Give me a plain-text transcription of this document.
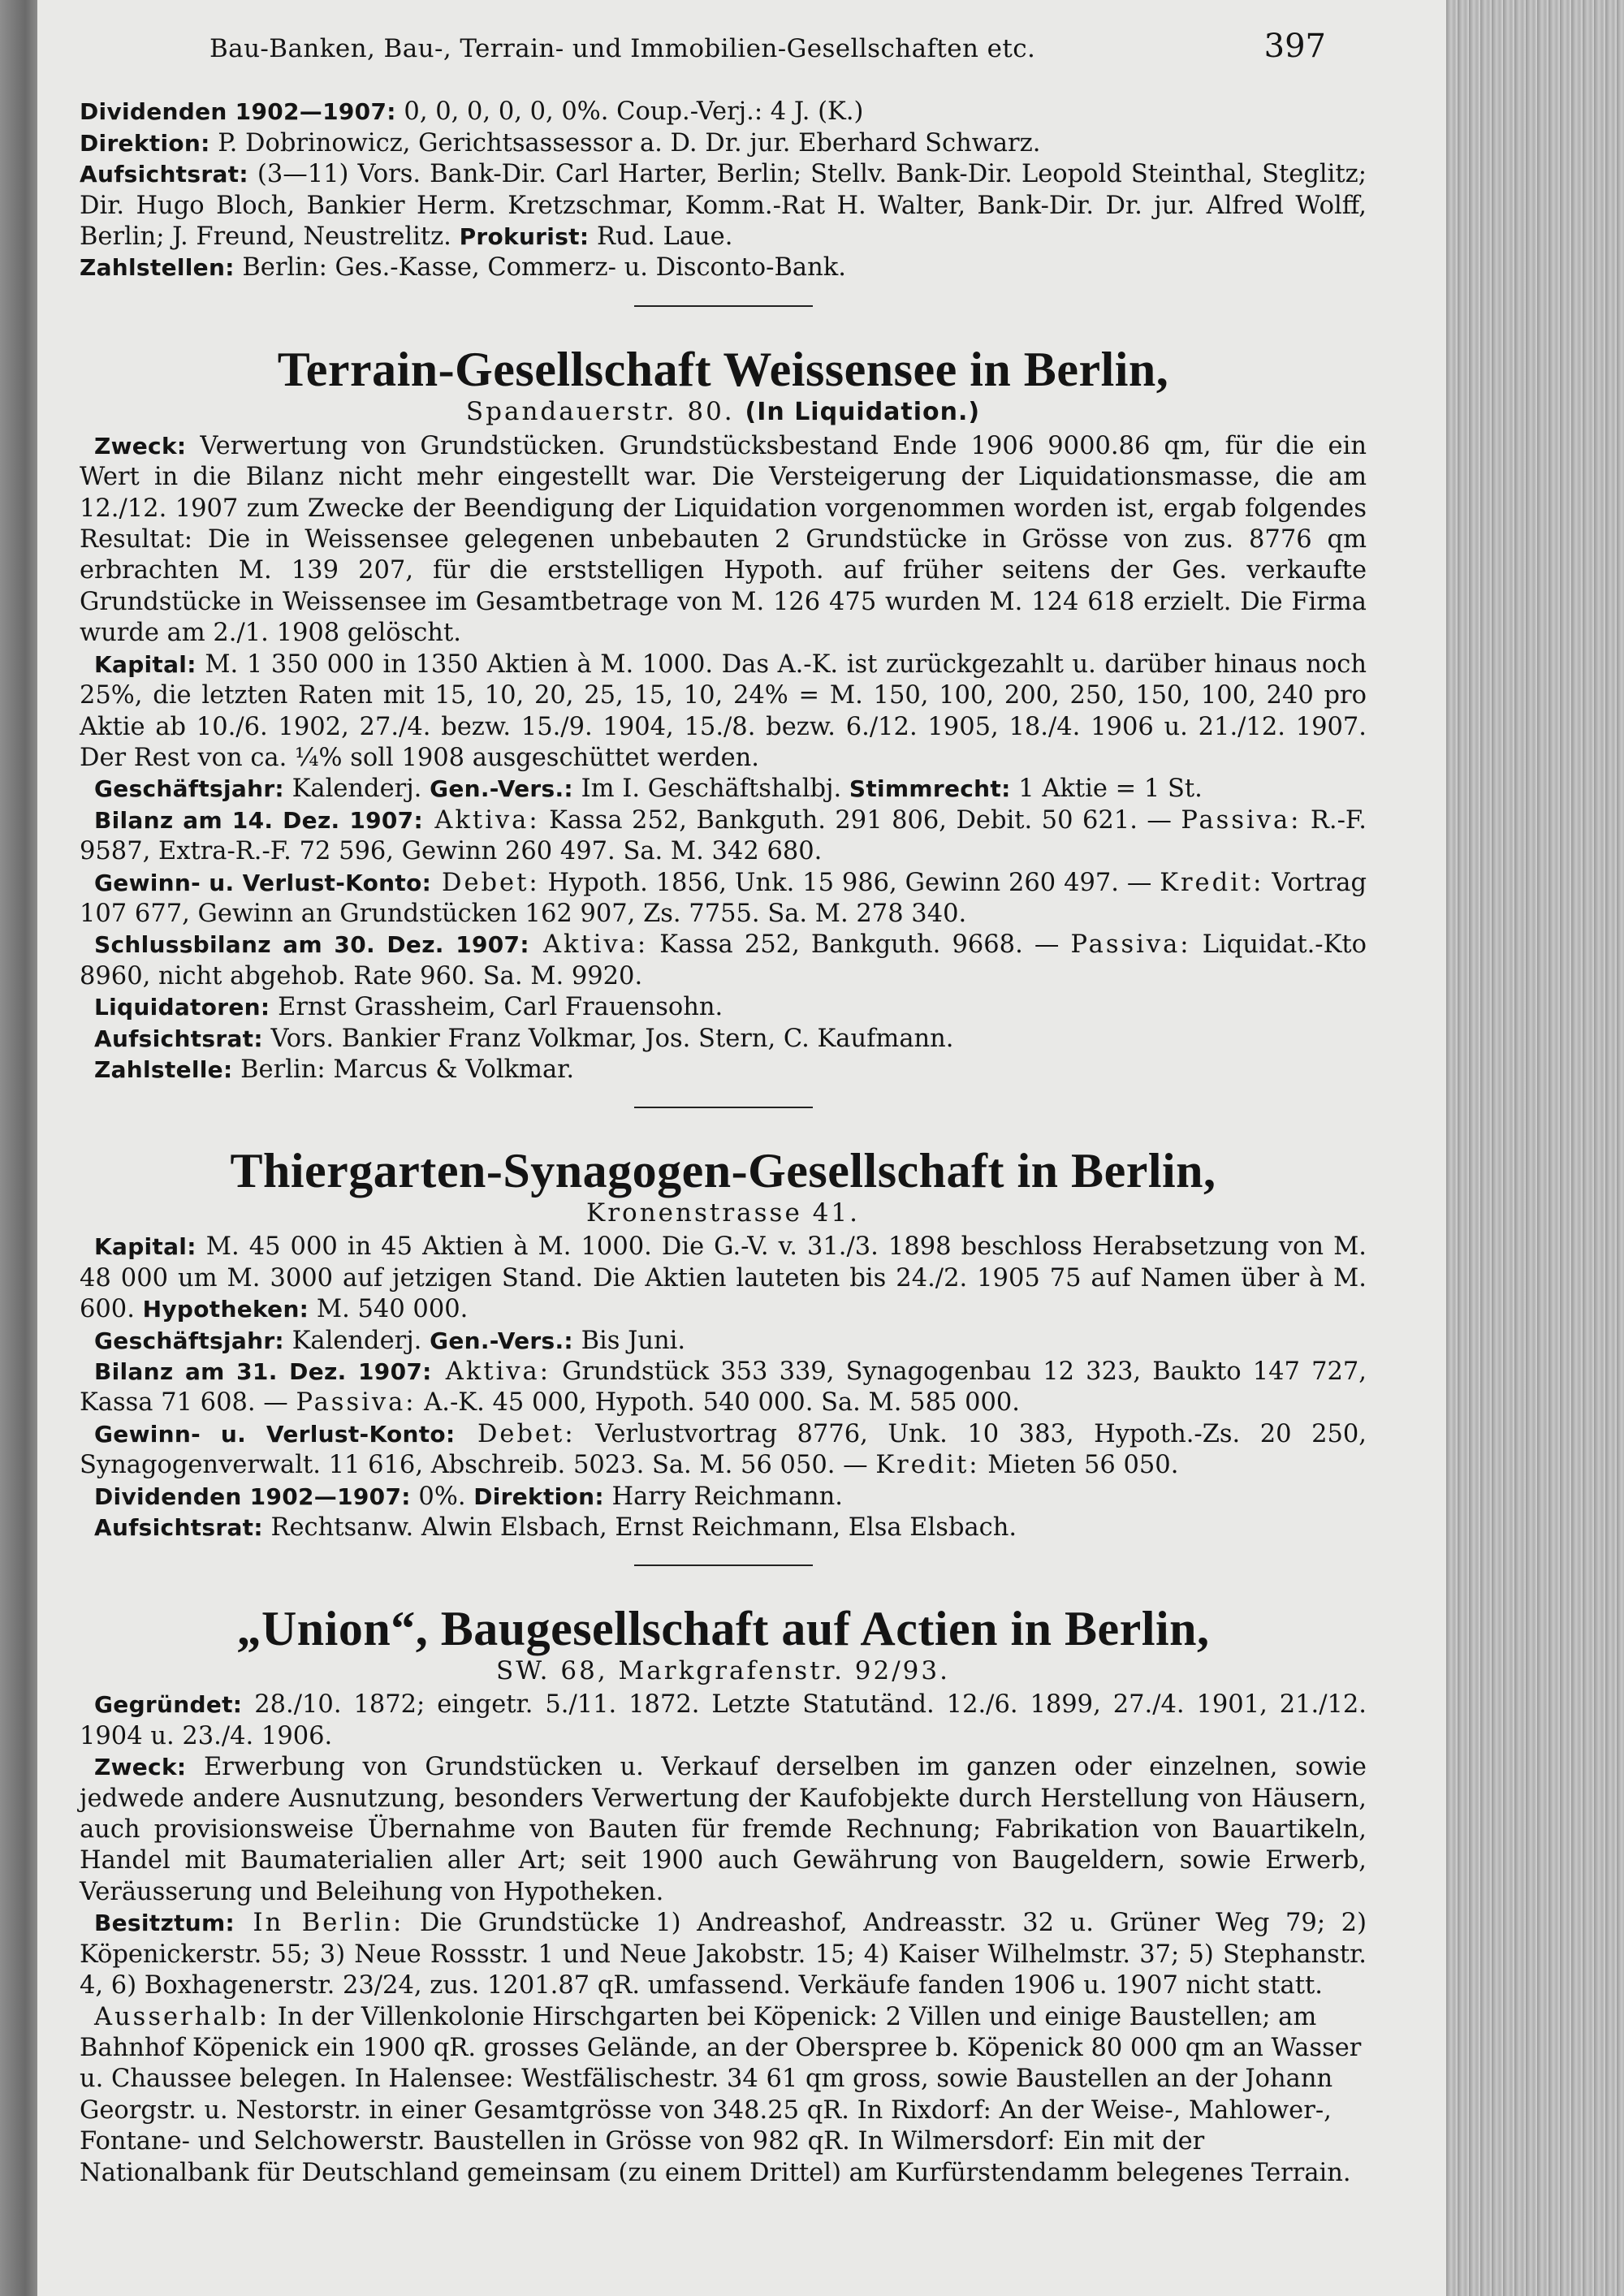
Bau-Banken, Bau-, Terrain- und Immobilien-Gesellschaften etc.	397

Dividenden 1902—1907: 0, 0, 0, 0, 0, 0%. Coup.-Verj.: 4 J. (K.)

Direktion: P. Dobrinowicz, Gerichtsassessor a. D. Dr. jur. Eberhard Schwarz.

Aufsichtsrat: (3—11) Vors. Bank-Dir. Carl Harter, Berlin; Stellv. Bank-Dir. Leopold Steinthal, Steglitz; Dir. Hugo Bloch, Bankier Herm. Kretzschmar, Komm.-Rat H. Walter, Bank-Dir. Dr. jur. Alfred Wolff, Berlin; J. Freund, Neustrelitz. Prokurist: Rud. Laue.

Zahlstellen: Berlin: Ges.-Kasse, Commerz- u. Disconto-Bank.

Terrain-Gesellschaft Weissensee in Berlin,
Spandauerstr. 80. (In Liquidation.)

Zweck: Verwertung von Grundstücken. Grundstücksbestand Ende 1906 9000.86 qm, für die ein Wert in die Bilanz nicht mehr eingestellt war. Die Versteigerung der Liquidationsmasse, die am 12./12. 1907 zum Zwecke der Beendigung der Liquidation vorgenommen worden ist, ergab folgendes Resultat: Die in Weissensee gelegenen unbebauten 2 Grundstücke in Grösse von zus. 8776 qm erbrachten M. 139 207, für die erststelligen Hypoth. auf früher seitens der Ges. verkaufte Grundstücke in Weissensee im Gesamtbetrage von M. 126 475 wurden M. 124 618 erzielt. Die Firma wurde am 2./1. 1908 gelöscht.

Kapital: M. 1 350 000 in 1350 Aktien à M. 1000. Das A.-K. ist zurückgezahlt u. darüber hinaus noch 25%, die letzten Raten mit 15, 10, 20, 25, 15, 10, 24% = M. 150, 100, 200, 250, 150, 100, 240 pro Aktie ab 10./6. 1902, 27./4. bezw. 15./9. 1904, 15./8. bezw. 6./12. 1905, 18./4. 1906 u. 21./12. 1907. Der Rest von ca. ¼% soll 1908 ausgeschüttet werden.

Geschäftsjahr: Kalenderj. Gen.-Vers.: Im I. Geschäftshalbj. Stimmrecht: 1 Aktie = 1 St.

Bilanz am 14. Dez. 1907: Aktiva: Kassa 252, Bankguth. 291 806, Debit. 50 621. — Passiva: R.-F. 9587, Extra-R.-F. 72 596, Gewinn 260 497. Sa. M. 342 680.

Gewinn- u. Verlust-Konto: Debet: Hypoth. 1856, Unk. 15 986, Gewinn 260 497. — Kredit: Vortrag 107 677, Gewinn an Grundstücken 162 907, Zs. 7755. Sa. M. 278 340.

Schlussbilanz am 30. Dez. 1907: Aktiva: Kassa 252, Bankguth. 9668. — Passiva: Liquidat.-Kto 8960, nicht abgehob. Rate 960. Sa. M. 9920.

Liquidatoren: Ernst Grassheim, Carl Frauensohn.

Aufsichtsrat: Vors. Bankier Franz Volkmar, Jos. Stern, C. Kaufmann.

Zahlstelle: Berlin: Marcus & Volkmar.

Thiergarten-Synagogen-Gesellschaft in Berlin,
Kronenstrasse 41.

Kapital: M. 45 000 in 45 Aktien à M. 1000. Die G.-V. v. 31./3. 1898 beschloss Herabsetzung von M. 48 000 um M. 3000 auf jetzigen Stand. Die Aktien lauteten bis 24./2. 1905 75 auf Namen über à M. 600. Hypotheken: M. 540 000.

Geschäftsjahr: Kalenderj. Gen.-Vers.: Bis Juni.

Bilanz am 31. Dez. 1907: Aktiva: Grundstück 353 339, Synagogenbau 12 323, Baukto 147 727, Kassa 71 608. — Passiva: A.-K. 45 000, Hypoth. 540 000. Sa. M. 585 000.

Gewinn- u. Verlust-Konto: Debet: Verlustvortrag 8776, Unk. 10 383, Hypoth.-Zs. 20 250, Synagogenverwalt. 11 616, Abschreib. 5023. Sa. M. 56 050. — Kredit: Mieten 56 050.

Dividenden 1902—1907: 0%. Direktion: Harry Reichmann.

Aufsichtsrat: Rechtsanw. Alwin Elsbach, Ernst Reichmann, Elsa Elsbach.

„Union“, Baugesellschaft auf Actien in Berlin,
SW. 68, Markgrafenstr. 92/93.

Gegründet: 28./10. 1872; eingetr. 5./11. 1872. Letzte Statutänd. 12./6. 1899, 27./4. 1901, 21./12. 1904 u. 23./4. 1906.

Zweck: Erwerbung von Grundstücken u. Verkauf derselben im ganzen oder einzelnen, sowie jedwede andere Ausnutzung, besonders Verwertung der Kaufobjekte durch Herstellung von Häusern, auch provisionsweise Übernahme von Bauten für fremde Rechnung; Fabrikation von Bauartikeln, Handel mit Baumaterialien aller Art; seit 1900 auch Gewährung von Baugeldern, sowie Erwerb, Veräusserung und Beleihung von Hypotheken.

Besitztum: In Berlin: Die Grundstücke 1) Andreashof, Andreasstr. 32 u. Grüner Weg 79; 2) Köpenickerstr. 55; 3) Neue Rossstr. 1 und Neue Jakobstr. 15; 4) Kaiser Wilhelmstr. 37; 5) Stephanstr. 4, 6) Boxhagenerstr. 23/24, zus. 1201.87 qR. umfassend. Verkäufe fanden 1906 u. 1907 nicht statt.

Ausserhalb: In der Villenkolonie Hirschgarten bei Köpenick: 2 Villen und einige Baustellen; am Bahnhof Köpenick ein 1900 qR. grosses Gelände, an der Oberspree b. Köpenick 80 000 qm an Wasser u. Chaussee belegen. In Halensee: Westfälischestr. 34 61 qm gross, sowie Baustellen an der Johann Georgstr. u. Nestorstr. in einer Gesamtgrösse von 348.25 qR. In Rixdorf: An der Weise-, Mahlower-, Fontane- und Selchowerstr. Baustellen in Grösse von 982 qR. In Wilmersdorf: Ein mit der Nationalbank für Deutschland gemeinsam (zu einem Drittel) am Kurfürstendamm belegenes Terrain.
